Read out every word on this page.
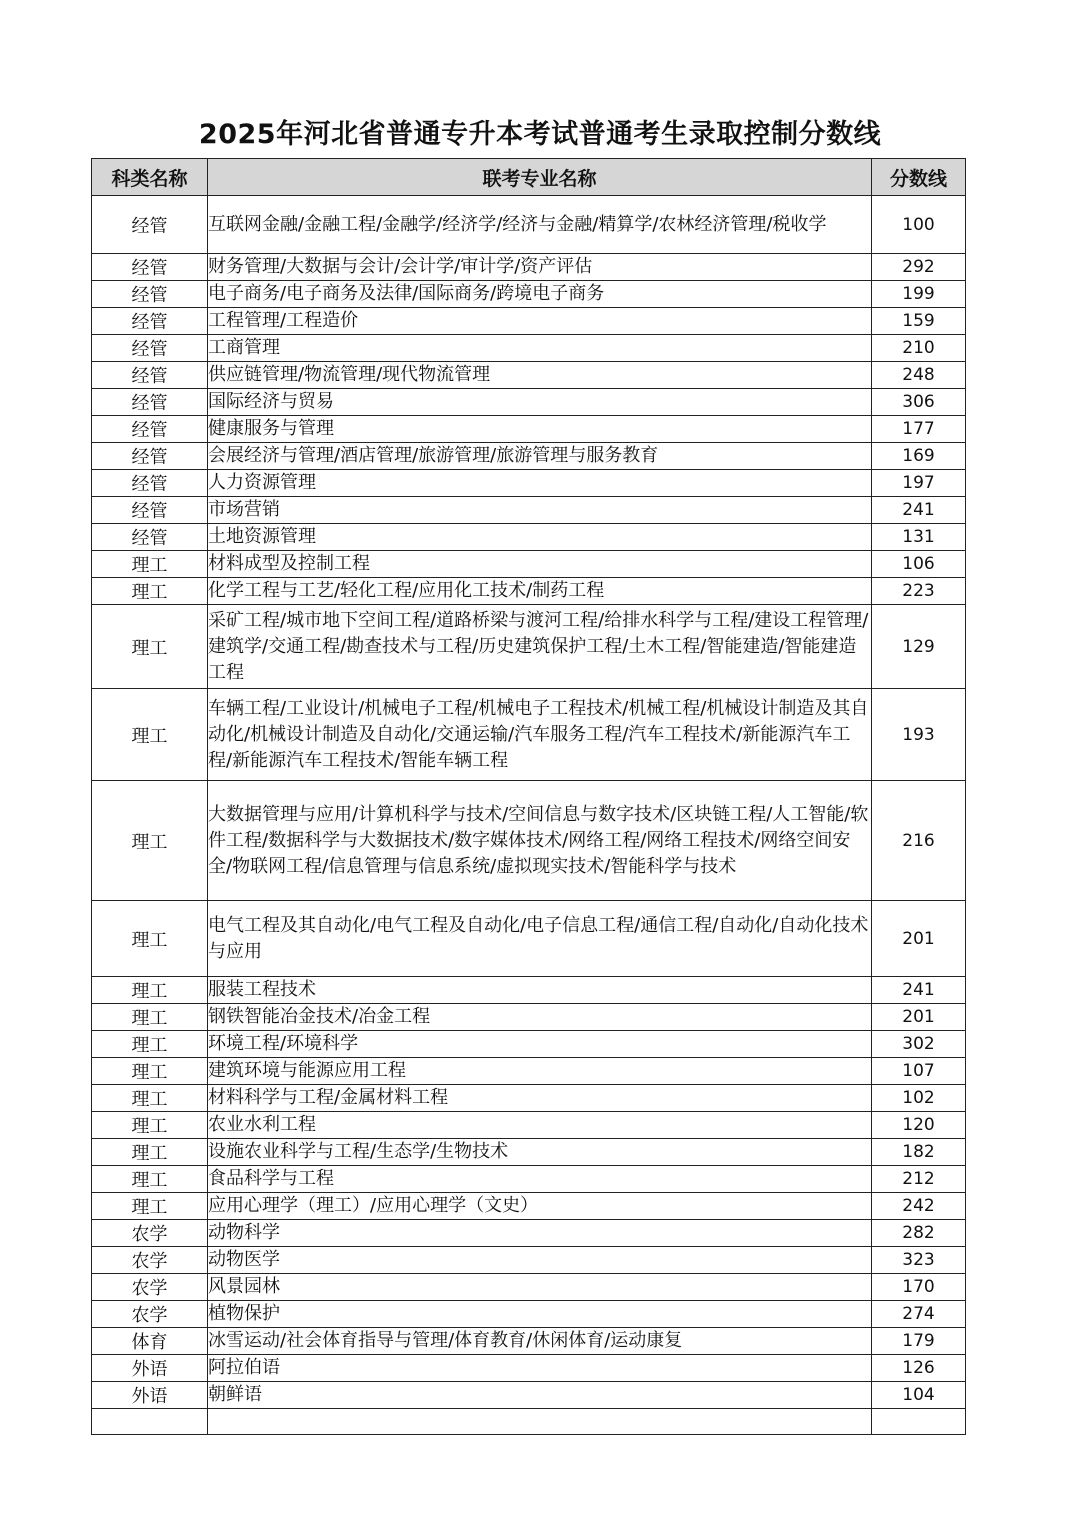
2025年河北省普通专升本考试普通考生录取控制分数线
科类名称	联考专业名称	分数线
经管	互联网金融/金融工程/金融学/经济学/经济与金融/精算学/农林经济管理/税收学	100
经管	财务管理/大数据与会计/会计学/审计学/资产评估	292
经管	电子商务/电子商务及法律/国际商务/跨境电子商务	199
经管	工程管理/工程造价	159
经管	工商管理	210
经管	供应链管理/物流管理/现代物流管理	248
经管	国际经济与贸易	306
经管	健康服务与管理	177
经管	会展经济与管理/酒店管理/旅游管理/旅游管理与服务教育	169
经管	人力资源管理	197
经管	市场营销	241
经管	土地资源管理	131
理工	材料成型及控制工程	106
理工	化学工程与工艺/轻化工程/应用化工技术/制药工程	223
理工	采矿工程/城市地下空间工程/道路桥梁与渡河工程/给排水科学与工程/建设工程管理/建筑学/交通工程/勘查技术与工程/历史建筑保护工程/土木工程/智能建造/智能建造工程	129
理工	车辆工程/工业设计/机械电子工程/机械电子工程技术/机械工程/机械设计制造及其自动化/机械设计制造及自动化/交通运输/汽车服务工程/汽车工程技术/新能源汽车工程/新能源汽车工程技术/智能车辆工程	193
理工	大数据管理与应用/计算机科学与技术/空间信息与数字技术/区块链工程/人工智能/软件工程/数据科学与大数据技术/数字媒体技术/网络工程/网络工程技术/网络空间安全/物联网工程/信息管理与信息系统/虚拟现实技术/智能科学与技术	216
理工	电气工程及其自动化/电气工程及自动化/电子信息工程/通信工程/自动化/自动化技术与应用	201
理工	服装工程技术	241
理工	钢铁智能冶金技术/冶金工程	201
理工	环境工程/环境科学	302
理工	建筑环境与能源应用工程	107
理工	材料科学与工程/金属材料工程	102
理工	农业水利工程	120
理工	设施农业科学与工程/生态学/生物技术	182
理工	食品科学与工程	212
理工	应用心理学（理工）/应用心理学（文史）	242
农学	动物科学	282
农学	动物医学	323
农学	风景园林	170
农学	植物保护	274
体育	冰雪运动/社会体育指导与管理/体育教育/休闲体育/运动康复	179
外语	阿拉伯语	126
外语	朝鲜语	104
